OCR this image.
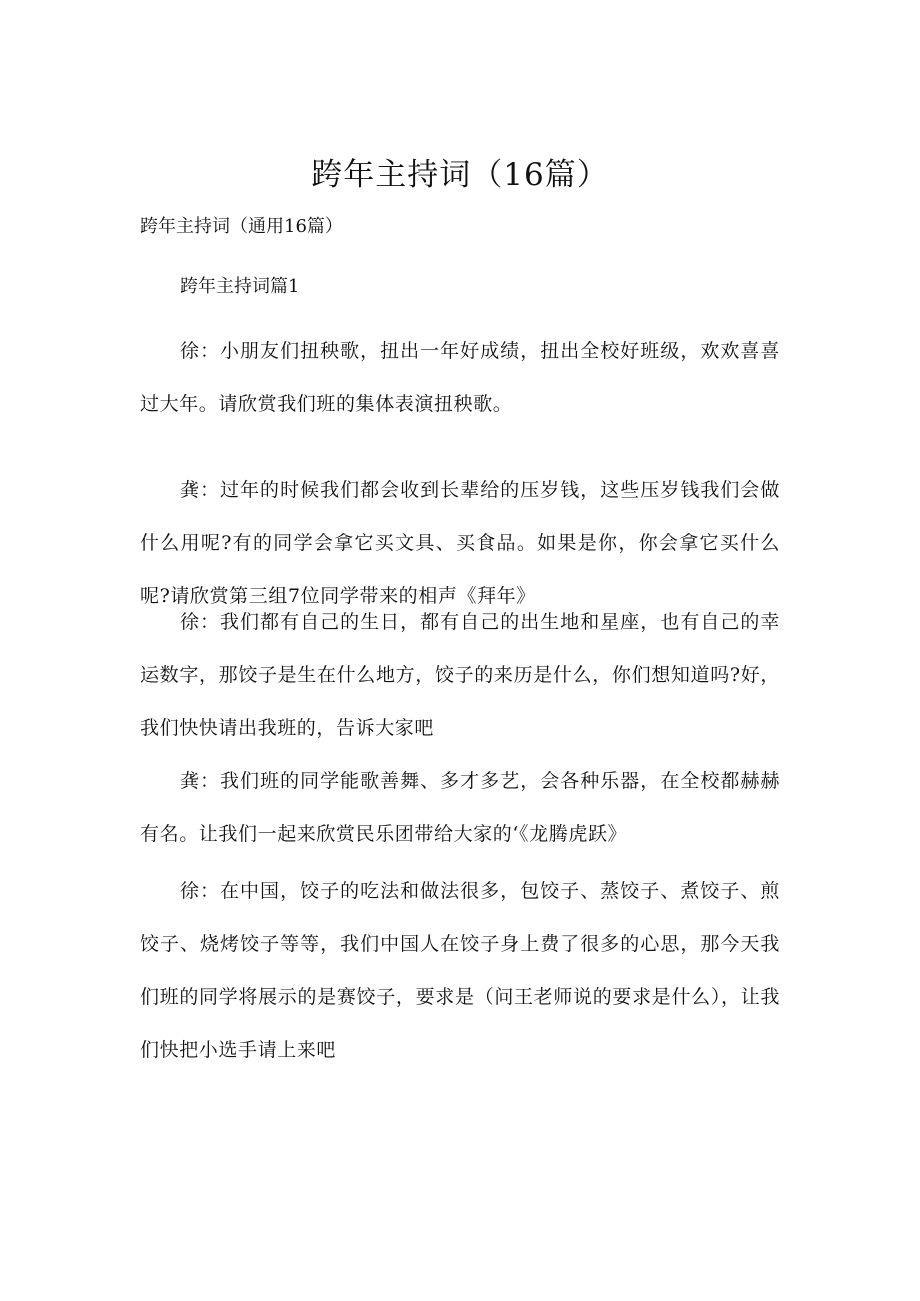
跨年主持词（16篇）

跨年主持词（通用16篇）

跨年主持词篇1

徐：小朋友们扭秧歌，扭出一年好成绩，扭出全校好班级，欢欢喜喜过大年。请欣赏我们班的集体表演扭秧歌。

龚：过年的时候我们都会收到长辈给的压岁钱，这些压岁钱我们会做什么用呢?有的同学会拿它买文具、买食品。如果是你，你会拿它买什么呢?请欣赏第三组7位同学带来的相声《拜年》

徐：我们都有自己的生日，都有自己的出生地和星座，也有自己的幸运数字，那饺子是生在什么地方，饺子的来历是什么，你们想知道吗?好，我们快快请出我班的，告诉大家吧

龚：我们班的同学能歌善舞、多才多艺，会各种乐器，在全校都赫赫有名。让我们一起来欣赏民乐团带给大家的‘《龙腾虎跃》

徐：在中国，饺子的吃法和做法很多，包饺子、蒸饺子、煮饺子、煎饺子、烧烤饺子等等，我们中国人在饺子身上费了很多的心思，那今天我们班的同学将展示的是赛饺子，要求是（问王老师说的要求是什么），让我们快把小选手请上来吧
